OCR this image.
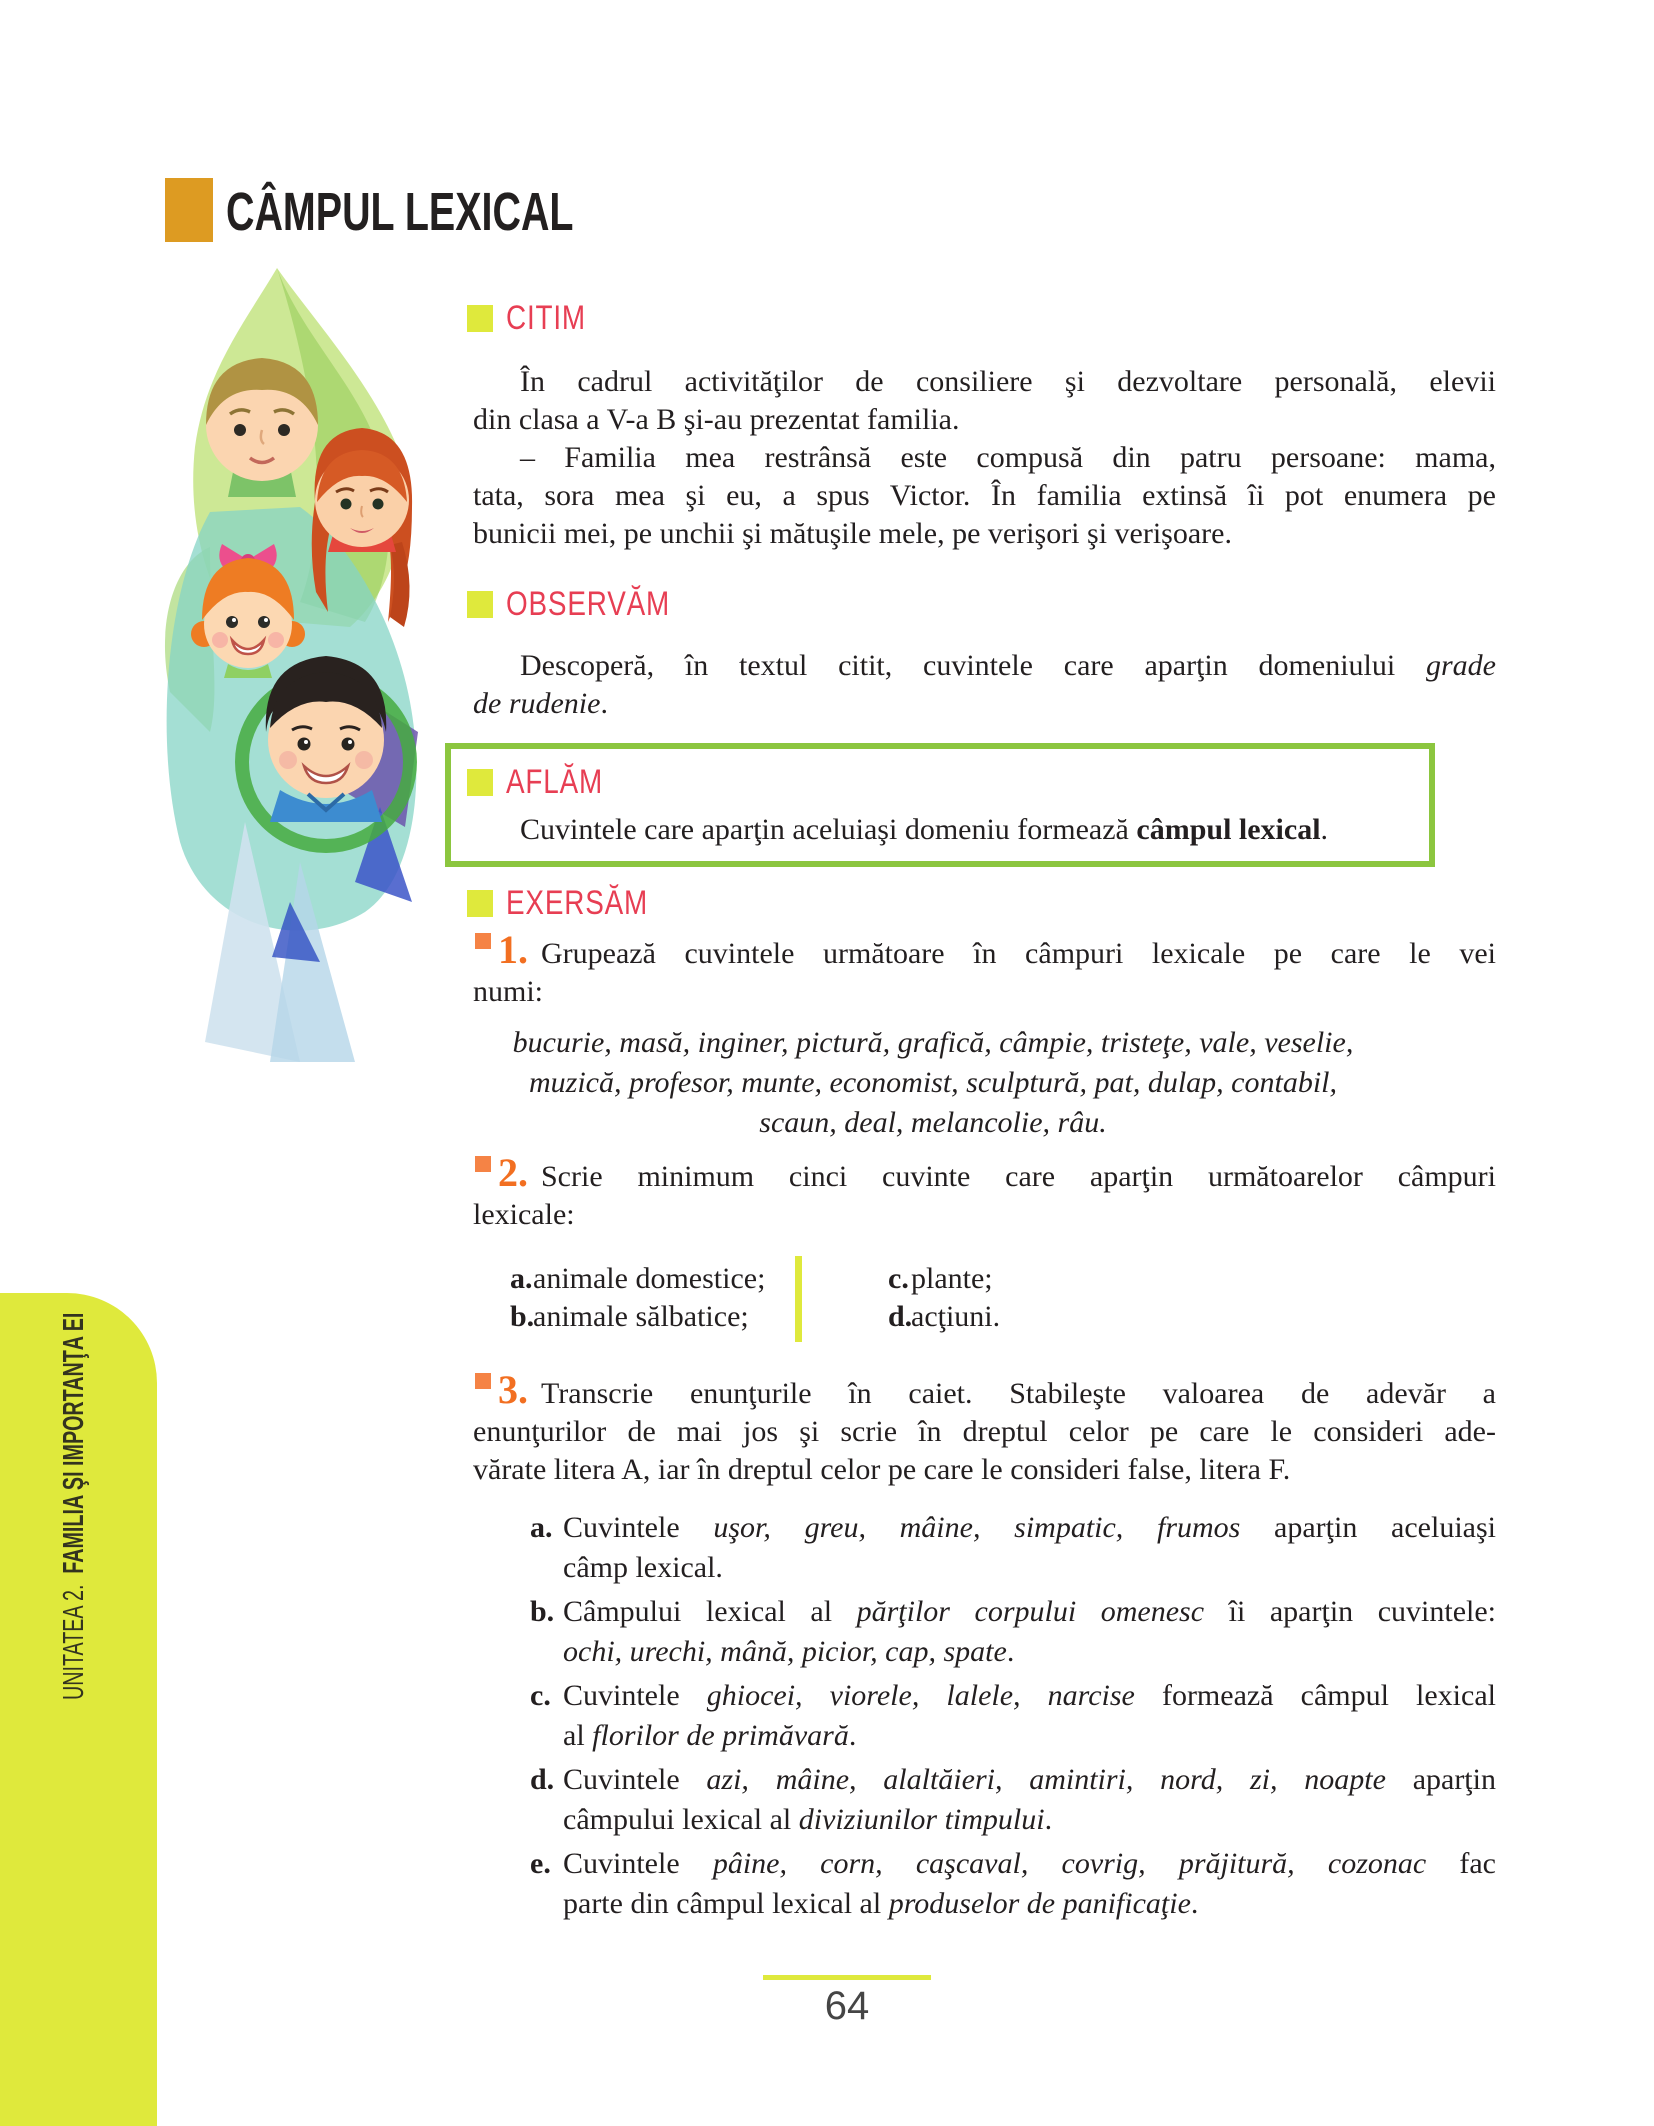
CÂMPUL LEXICAL
CITIM
În cadrul activităţilor de consiliere şi dezvoltare personală, elevii
din clasa a V-a B şi-au prezentat familia.
– Familia mea restrânsă este compusă din patru persoane: mama,
tata, sora mea şi eu, a spus Victor. În familia extinsă îi pot enumera pe
bunicii mei, pe unchii şi mătuşile mele, pe verişori şi verişoare.
OBSERVĂM
Descoperă, în textul citit, cuvintele care aparţin domeniului grade
de rudenie.
AFLĂM
Cuvintele care aparţin aceluiaşi domeniu formează câmpul lexical.
EXERSĂM
1. Grupează cuvintele următoare în câmpuri lexicale pe care le vei
numi:
bucurie, masă, inginer, pictură, grafică, câmpie, tristeţe, vale, veselie,
muzică, profesor, munte, economist, sculptură, pat, dulap, contabil,
scaun, deal, melancolie, râu.
2. Scrie minimum cinci cuvinte care aparţin următoarelor câmpuri
lexicale:
a. animale domestice;
b.
animale sălbatice;
c. plante;
d.
acţiuni.
3. Transcrie enunţurile în caiet. Stabileşte valoarea de adevăr a
enunţurilor de mai jos şi scrie în dreptul celor pe care le consideri ade-
vărate litera A, iar în dreptul celor pe care le consideri false, litera F.
a. Cuvintele uşor, greu, mâine, simpatic, frumos aparţin aceluiaşi
câmp lexical.
b. Câmpului lexical al părţilor corpului omenesc îi aparţin cuvintele:
ochi, urechi, mână, picior, cap, spate.
c. Cuvintele ghiocei, viorele, lalele, narcise formează câmpul lexical
al florilor de primăvară.
d. Cuvintele azi, mâine, alaltăieri, amintiri, nord, zi, noapte aparţin
câmpului lexical al diviziunilor timpului.
e. Cuvintele pâine, corn, caşcaval, covrig, prăjitură, cozonac fac
parte din câmpul lexical al produselor de panificaţie.
UNITATEA 2.FAMILIA ŞI IMPORTANŢA EI
64
